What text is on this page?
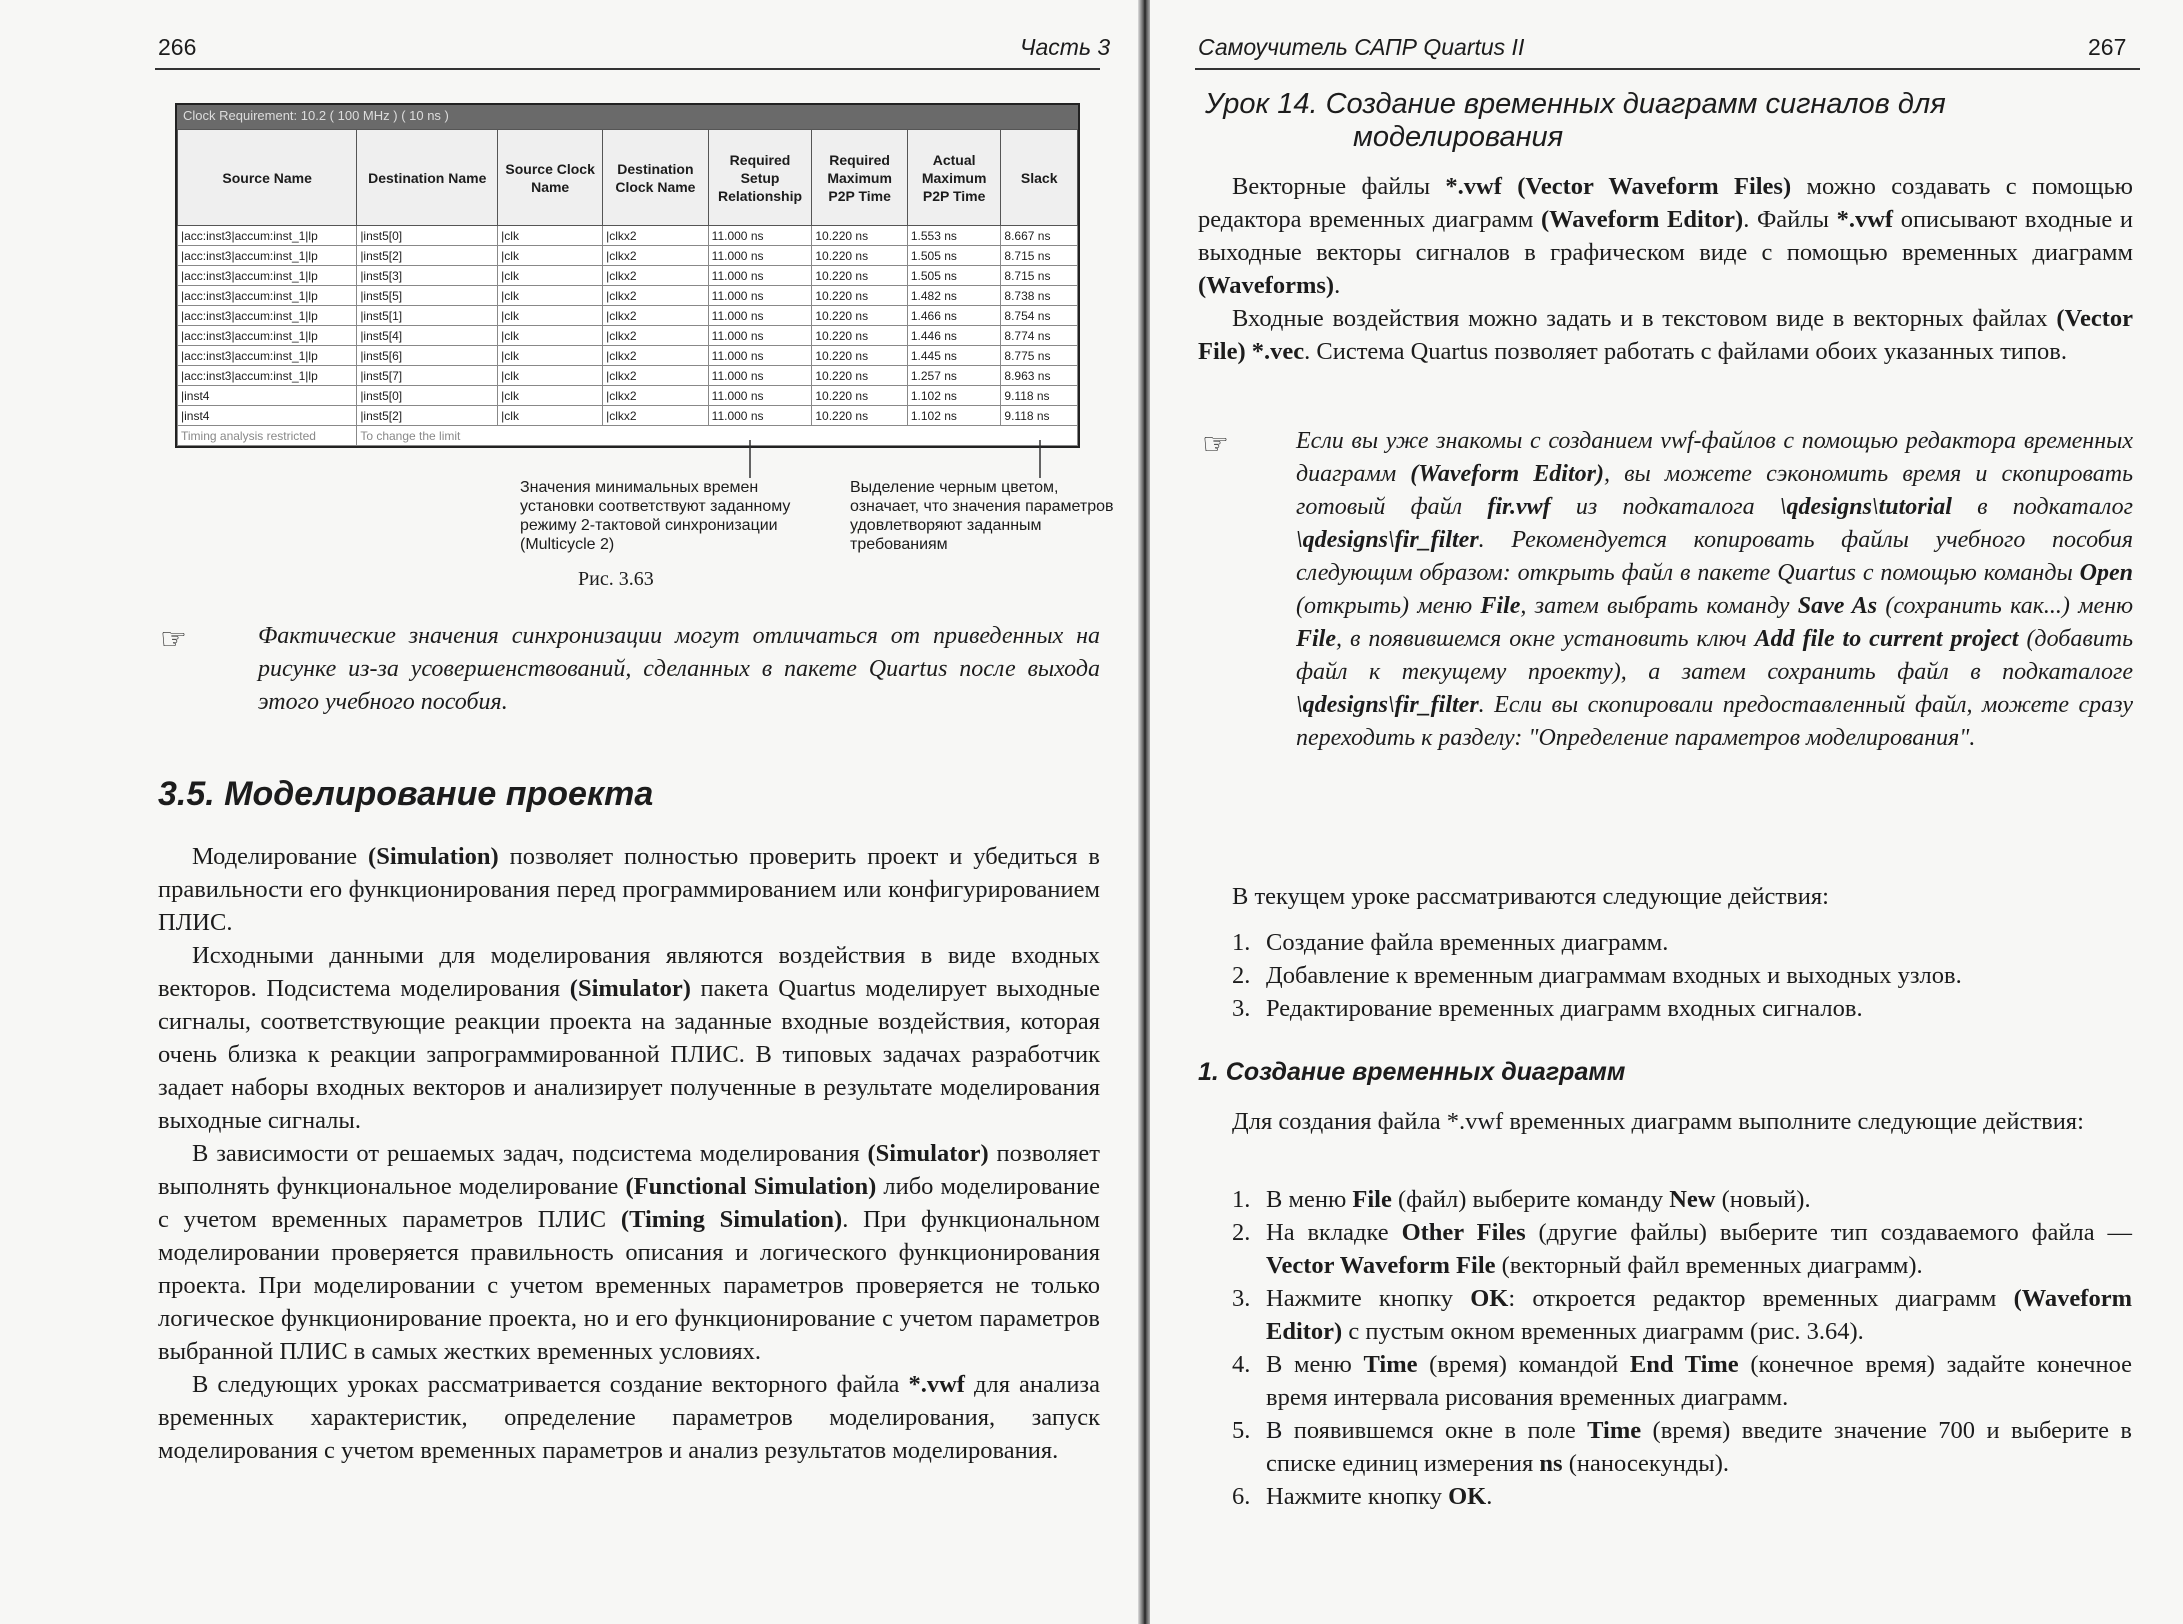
266	Часть 3
Clock Requirement: 10.2 ( 100 MHz ) ( 10 ns )
Source Name	Destination Name	Source Clock Name	Destination Clock Name	Required Setup Relationship	Required Maximum P2P Time	Actual Maximum P2P Time	Slack
|acc:inst3|accum:inst_1|lp	|inst5[0]	|clk	|clkx2	11.000 ns	10.220 ns	1.553 ns	8.667 ns
|acc:inst3|accum:inst_1|lp	|inst5[2]	|clk	|clkx2	11.000 ns	10.220 ns	1.505 ns	8.715 ns
|acc:inst3|accum:inst_1|lp	|inst5[3]	|clk	|clkx2	11.000 ns	10.220 ns	1.505 ns	8.715 ns
|acc:inst3|accum:inst_1|lp	|inst5[5]	|clk	|clkx2	11.000 ns	10.220 ns	1.482 ns	8.738 ns
|acc:inst3|accum:inst_1|lp	|inst5[1]	|clk	|clkx2	11.000 ns	10.220 ns	1.466 ns	8.754 ns
|acc:inst3|accum:inst_1|lp	|inst5[4]	|clk	|clkx2	11.000 ns	10.220 ns	1.446 ns	8.774 ns
|acc:inst3|accum:inst_1|lp	|inst5[6]	|clk	|clkx2	11.000 ns	10.220 ns	1.445 ns	8.775 ns
|acc:inst3|accum:inst_1|lp	|inst5[7]	|clk	|clkx2	11.000 ns	10.220 ns	1.257 ns	8.963 ns
|inst4	|inst5[0]	|clk	|clkx2	11.000 ns	10.220 ns	1.102 ns	9.118 ns
|inst4	|inst5[2]	|clk	|clkx2	11.000 ns	10.220 ns	1.102 ns	9.118 ns
Timing analysis restricted	To change the limit						
Значения минимальных времен установки соответствуют заданному режиму 2-тактовой синхронизации (Multicycle 2)
Выделение черным цветом, означает, что значения параметров удовлетворяют заданным требованиям
Рис. 3.63
☞	Фактические значения синхронизации могут отличаться от приведенных на рисунке из-за усовершенствований, сделанных в пакете Quartus после выхода этого учебного пособия.
3.5. Моделирование проекта

Моделирование (Simulation) позволяет полностью проверить проект и убедиться в правильности его функционирования перед программированием или конфигурированием ПЛИС.

Исходными данными для моделирования являются воздействия в виде входных векторов. Подсистема моделирования (Simulator) пакета Quartus моделирует выходные сигналы, соответствующие реакции проекта на заданные входные воздействия, которая очень близка к реакции запрограммированной ПЛИС. В типовых задачах разработчик задает наборы входных векторов и анализирует полученные в результате моделирования выходные сигналы.

В зависимости от решаемых задач, подсистема моделирования (Simulator) позволяет выполнять функциональное моделирование (Functional Simulation) либо моделирование с учетом временных параметров ПЛИС (Timing Simulation). При функциональном моделировании проверяется правильность описания и логического функционирования проекта. При моделировании с учетом временных параметров проверяется не только логическое функционирование проекта, но и его функционирование с учетом параметров выбранной ПЛИС в самых жестких временных условиях.

В следующих уроках рассматривается создание векторного файла *.vwf для анализа временных характеристик, определение параметров моделирования, запуск моделирования с учетом временных параметров и анализ результатов моделирования.

Самоучитель САПР Quartus II	267
Урок 14. Создание временных диаграмм сигналов для моделирования

Векторные файлы *.vwf (Vector Waveform Files) можно создавать с помощью редактора временных диаграмм (Waveform Editor). Файлы *.vwf описывают входные и выходные векторы сигналов в графическом виде с помощью временных диаграмм (Waveforms).

Входные воздействия можно задать и в текстовом виде в векторных файлах (Vector File) *.vec. Система Quartus позволяет работать с файлами обоих указанных типов.

☞	Если вы уже знакомы с созданием vwf-файлов с помощью редактора временных диаграмм (Waveform Editor), вы можете сэкономить время и скопировать готовый файл fir.vwf из подкаталога \qdesigns\tutorial в подкаталог \qdesigns\fir_filter. Рекомендуется копировать файлы учебного пособия следующим образом: открыть файл в пакете Quartus с помощью команды Open (открыть) меню File, затем выбрать команду Save As (сохранить как...) меню File, в появившемся окне установить ключ Add file to current project (добавить файл к текущему проекту), а затем сохранить файл в подкаталоге \qdesigns\fir_filter. Если вы скопировали предоставленный файл, можете сразу переходить к разделу: "Определение параметров моделирования".
В текущем уроке рассматриваются следующие действия:
1. Создание файла временных диаграмм.
2. Добавление к временным диаграммам входных и выходных узлов.
3. Редактирование временных диаграмм входных сигналов.
1. Создание временных диаграмм
Для создания файла *.vwf временных диаграмм выполните следующие действия:
1. В меню File (файл) выберите команду New (новый).
2. На вкладке Other Files (другие файлы) выберите тип создаваемого файла — Vector Waveform File (векторный файл временных диаграмм).
3. Нажмите кнопку OK: откроется редактор временных диаграмм (Waveform Editor) с пустым окном временных диаграмм (рис. 3.64).
4. В меню Time (время) командой End Time (конечное время) задайте конечное время интервала рисования временных диаграмм.
5. В появившемся окне в поле Time (время) введите значение 700 и выберите в списке единиц измерения ns (наносекунды).
6. Нажмите кнопку OK.
